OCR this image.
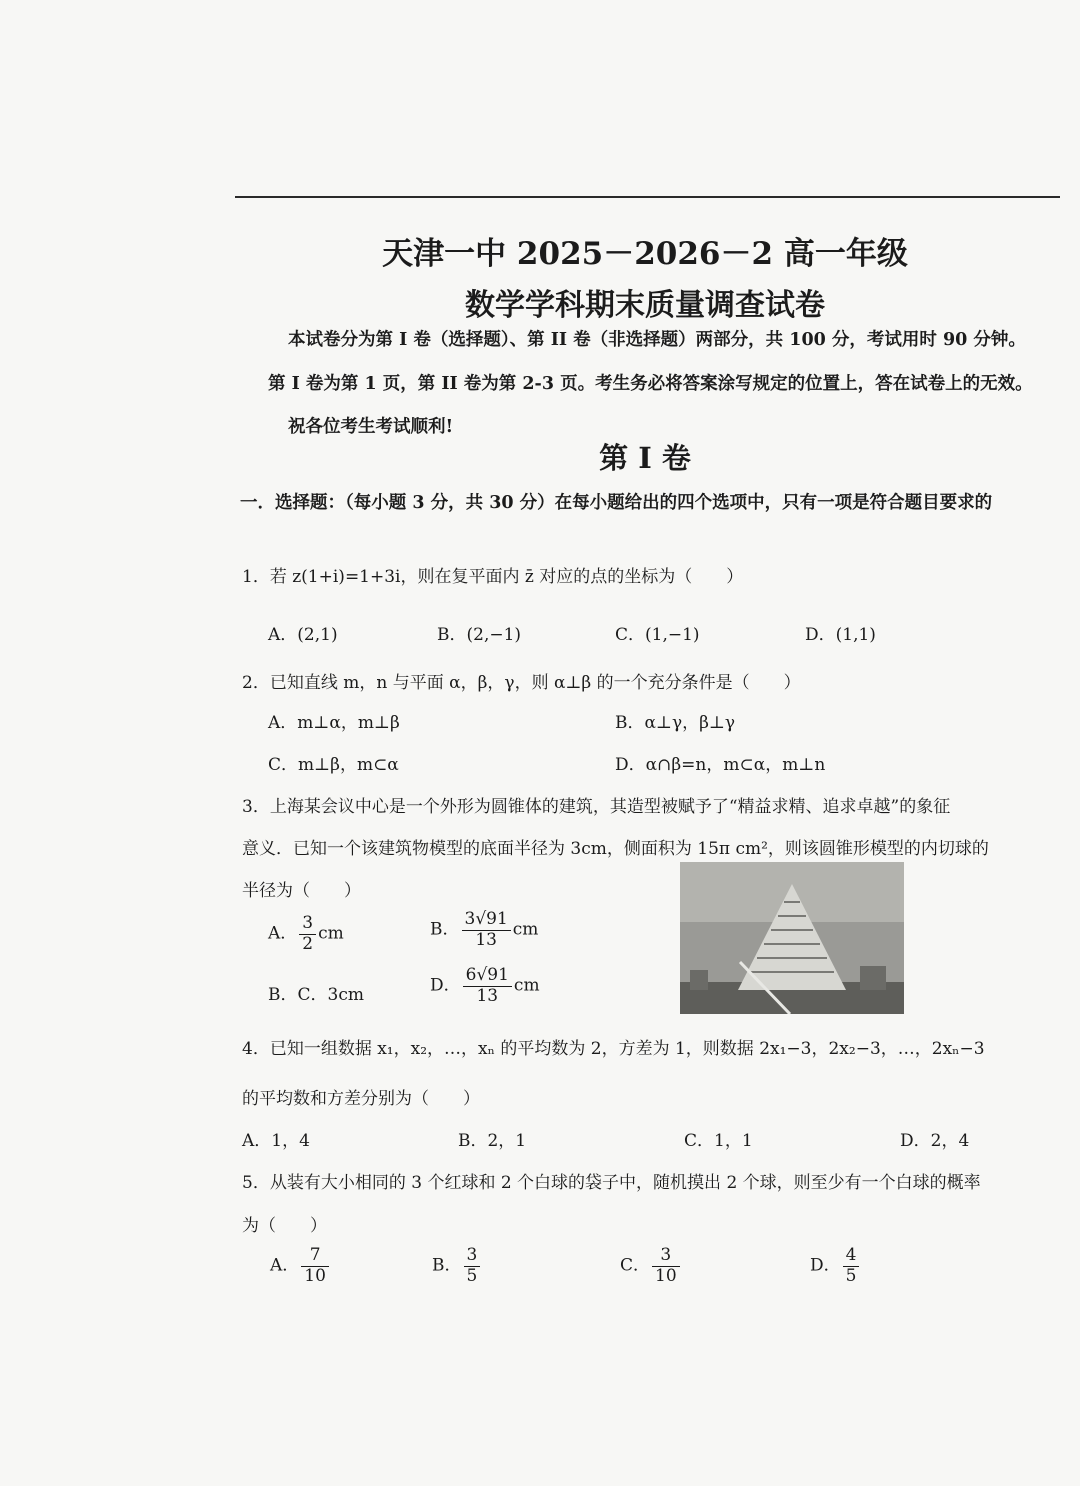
天津一中 2025－2026－2 高一年级
数学学科期末质量调查试卷
本试卷分为第 I 卷（选择题）、第 II 卷（非选择题）两部分，共 100 分，考试用时 90 分钟。
第 I 卷为第 1 页，第 II 卷为第 2-3 页。考生务必将答案涂写规定的位置上，答在试卷上的无效。
祝各位考生考试顺利!
第 I 卷
一．选择题：（每小题 3 分，共 30 分）在每小题给出的四个选项中，只有一项是符合题目要求的
1．若 z(1+i)=1+3i，则在复平面内 z̄ 对应的点的坐标为（　　）
A．(2,1)	B．(2,−1)	C．(1,−1)	D．(1,1)
2．已知直线 m，n 与平面 α，β，γ，则 α⊥β 的一个充分条件是（　　）
A．m⊥α，m⊥β	B．α⊥γ，β⊥γ
C．m⊥β，m⊂α	D．α∩β=n，m⊂α，m⊥n
3．上海某会议中心是一个外形为圆锥体的建筑，其造型被赋予了“精益求精、追求卓越”的象征
意义．已知一个该建筑物模型的底面半径为 3cm，侧面积为 15π cm²，则该圆锥形模型的内切球的
半径为（　　）
A． $\frac{3}{2}$ cm	B． $\frac{3√91}{13}$ cm
B．C．3cm	D． $\frac{6√91}{13}$ cm
4．已知一组数据 x₁，x₂，…，xₙ 的平均数为 2，方差为 1，则数据 2x₁−3，2x₂−3，…，2xₙ−3
的平均数和方差分别为（　　）
A．1，4	B．2，1	C．1，1	D．2，4
5．从装有大小相同的 3 个红球和 2 个白球的袋子中，随机摸出 2 个球，则至少有一个白球的概率
为（　　）
A． $\frac{7}{10}$	B． $\frac{3}{5}$	C． $\frac{3}{10}$	D． $\frac{4}{5}$
